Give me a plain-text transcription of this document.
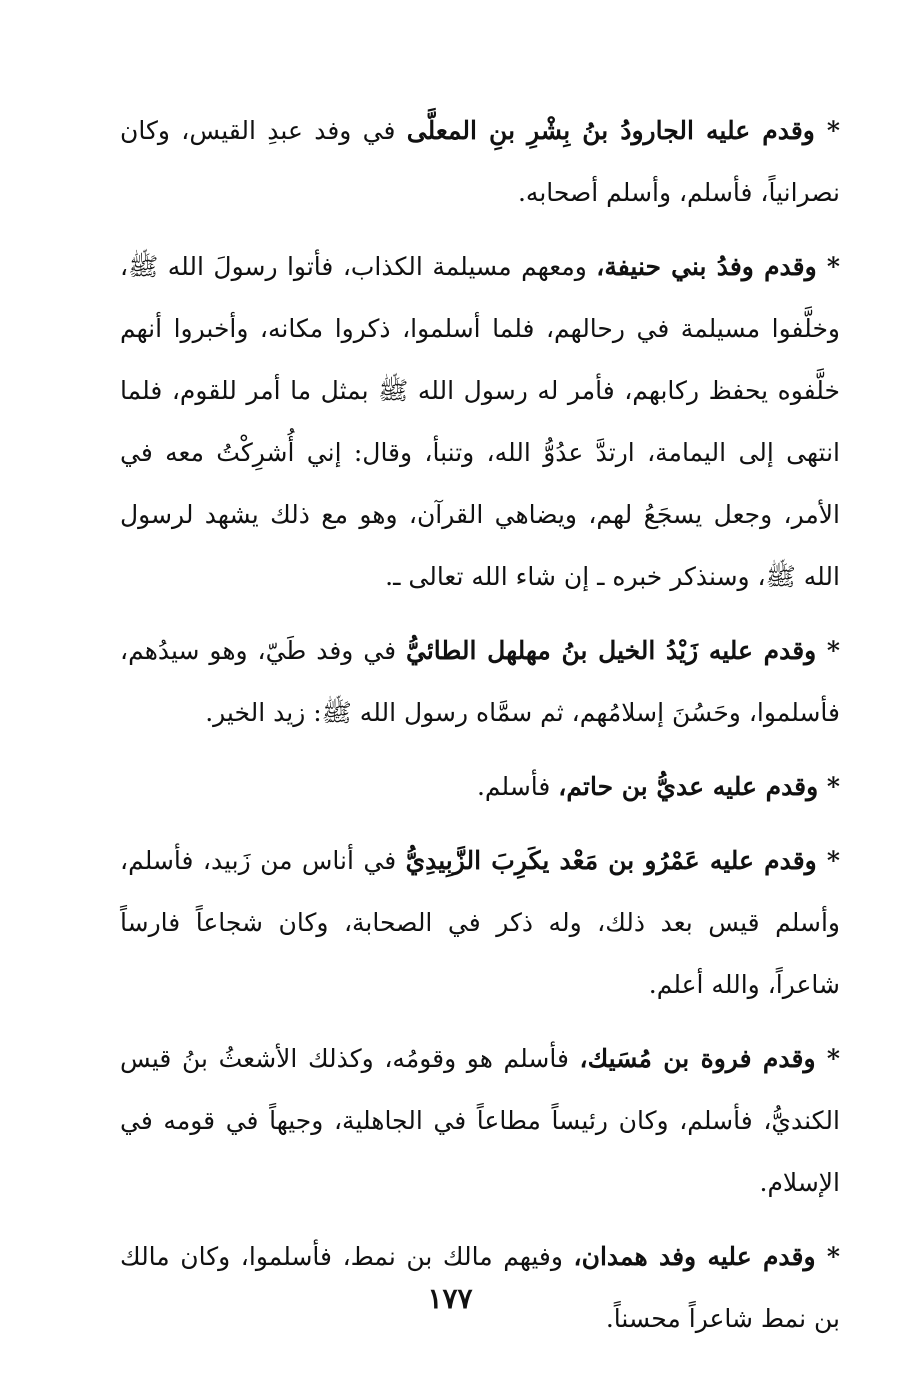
* وقدم عليه الجارودُ بنُ بِشْرِ بنِ المعلَّى في وفد عبدِ القيس، وكان نصرانياً، فأسلم، وأسلم أصحابه.

* وقدم وفدُ بني حنيفة، ومعهم مسيلمة الكذاب، فأتوا رسولَ الله ﷺ، وخلَّفوا مسيلمة في رحالهم، فلما أسلموا، ذكروا مكانه، وأخبروا أنهم خلَّفوه يحفظ ركابهم، فأمر له رسول الله ﷺ بمثل ما أمر للقوم، فلما انتهى إلى اليمامة، ارتدَّ عدُوُّ الله، وتنبأ، وقال: إني أُشرِكْتُ معه في الأمر، وجعل يسجَعُ لهم، ويضاهي القرآن، وهو مع ذلك يشهد لرسول الله ﷺ، وسنذكر خبره ـ إن شاء الله تعالى ـ.

* وقدم عليه زَيْدُ الخيل بنُ مهلهل الطائيُّ في وفد طَيّ، وهو سيدُهم، فأسلموا، وحَسُنَ إسلامُهم، ثم سمَّاه رسول الله ﷺ: زيد الخير.

* وقدم عليه عديُّ بن حاتم، فأسلم.

* وقدم عليه عَمْرُو بن مَعْد يكَرِبَ الزَّبِيدِيُّ في أناس من زَبيد، فأسلم، وأسلم قيس بعد ذلك، وله ذكر في الصحابة، وكان شجاعاً فارساً شاعراً، والله أعلم.

* وقدم فروة بن مُسَيك، فأسلم هو وقومُه، وكذلك الأشعثُ بنُ قيس الكنديُّ، فأسلم، وكان رئيساً مطاعاً في الجاهلية، وجيهاً في قومه في الإسلام.

* وقدم عليه وفد همدان، وفيهم مالك بن نمط، فأسلموا، وكان مالك بن نمط شاعراً محسناً.

١٧٧
